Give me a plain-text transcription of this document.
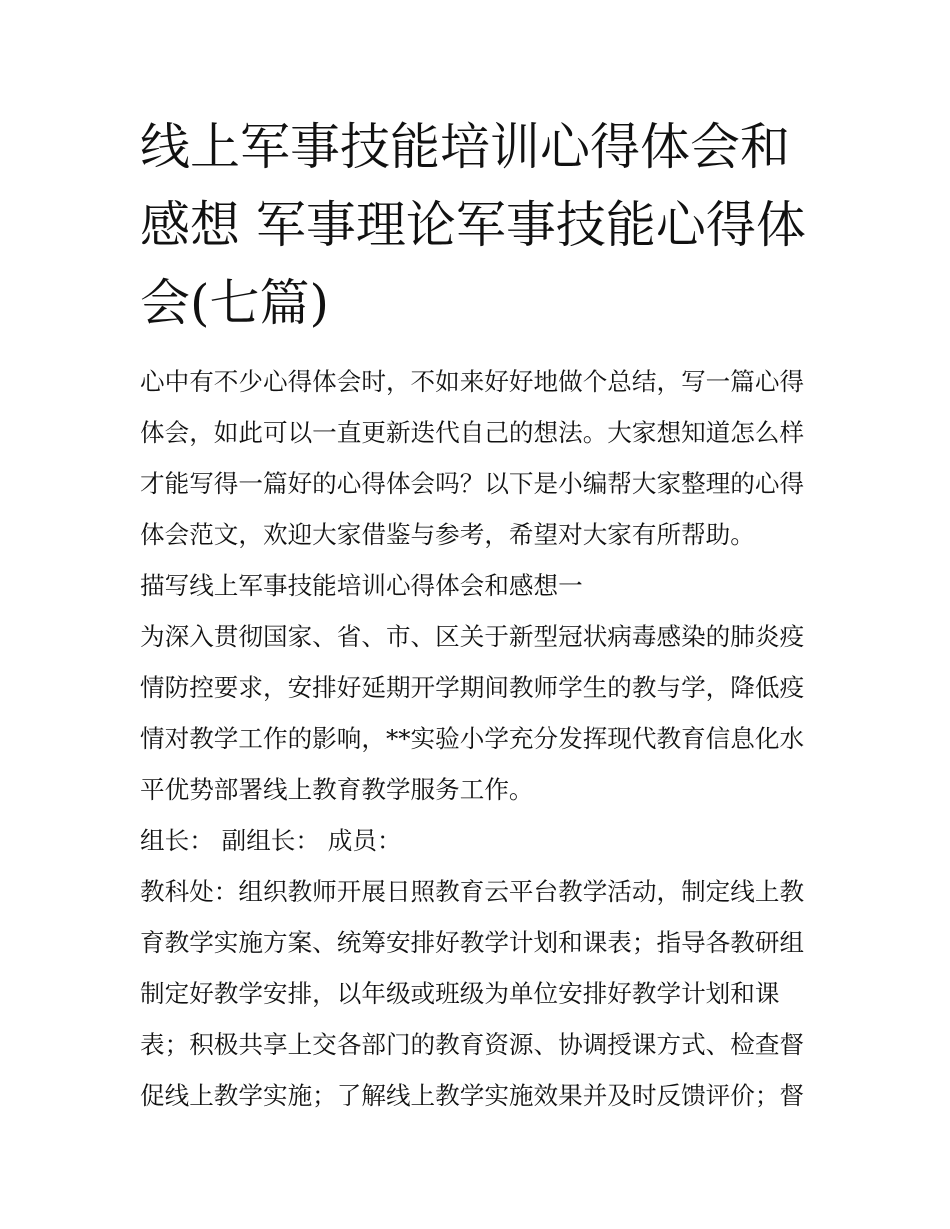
线上军事技能培训心得体会和
感想 军事理论军事技能心得体
会(七篇)
心中有不少心得体会时，不如来好好地做个总结，写一篇心得
体会，如此可以一直更新迭代自己的想法。大家想知道怎么样
才能写得一篇好的心得体会吗？以下是小编帮大家整理的心得
体会范文，欢迎大家借鉴与参考，希望对大家有所帮助。
描写线上军事技能培训心得体会和感想一
为深入贯彻国家、省、市、区关于新型冠状病毒感染的肺炎疫
情防控要求，安排好延期开学期间教师学生的教与学，降低疫
情对教学工作的影响，**实验小学充分发挥现代教育信息化水
平优势部署线上教育教学服务工作。
组长： 副组长： 成员：
教科处：组织教师开展日照教育云平台教学活动，制定线上教
育教学实施方案、统筹安排好教学计划和课表；指导各教研组
制定好教学安排，以年级或班级为单位安排好教学计划和课
表；积极共享上交各部门的教育资源、协调授课方式、检查督
促线上教学实施；了解线上教学实施效果并及时反馈评价；督
